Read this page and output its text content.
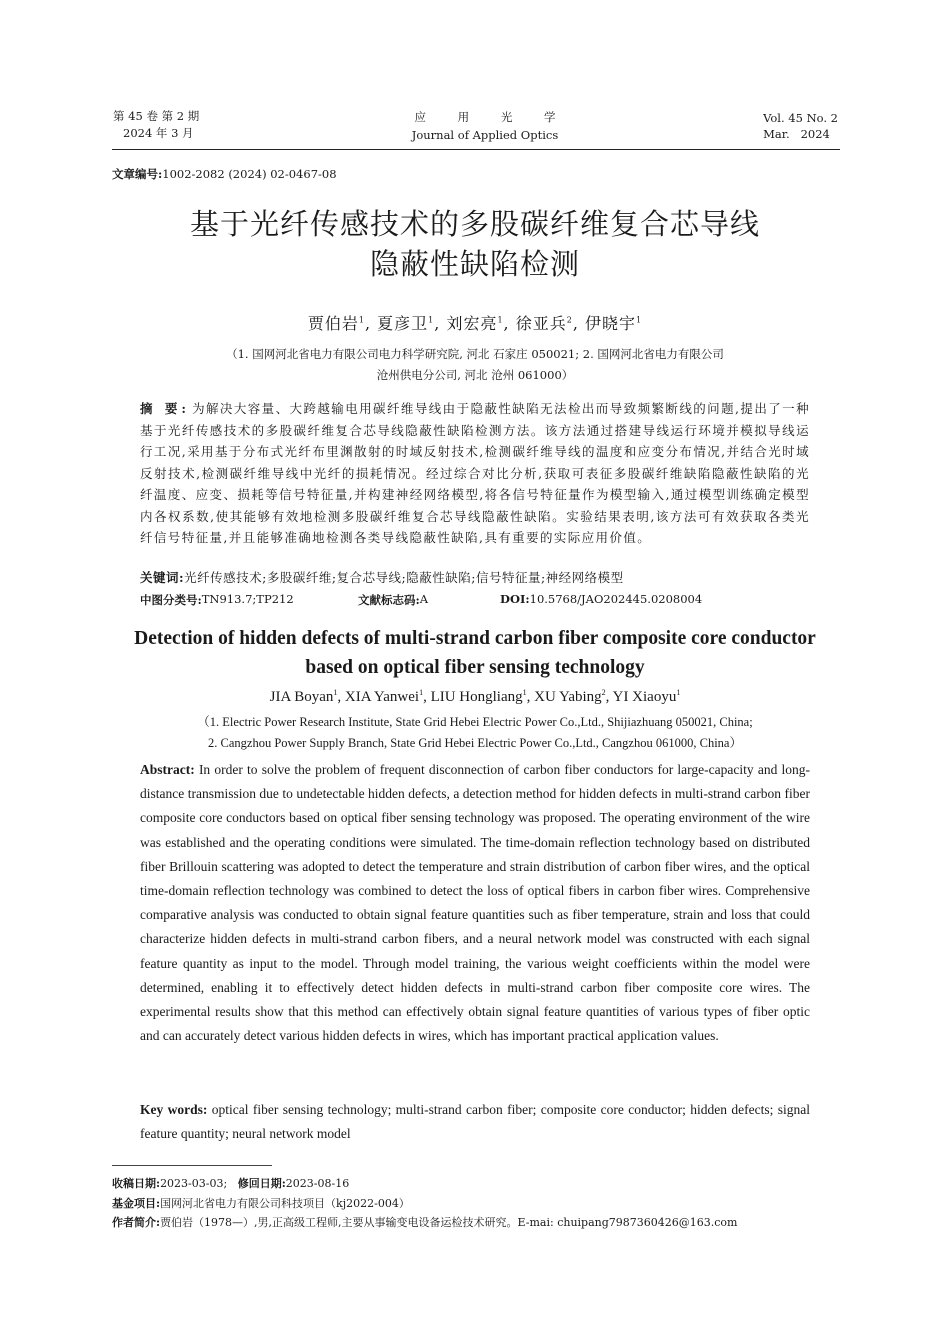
第 45 卷 第 2 期
2024 年 3 月
应 用 光 学
Journal of Applied Optics
Vol. 45 No. 2
Mar.   2024
文章编号:1002-2082 (2024) 02-0467-08
基于光纤传感技术的多股碳纤维复合芯导线
隐蔽性缺陷检测
贾伯岩$^1$, 夏彦卫$^1$, 刘宏亮$^1$, 徐亚兵$^2$, 伊晓宇$^1$
（1. 国网河北省电力有限公司电力科学研究院, 河北 石家庄 050021; 2. 国网河北省电力有限公司
沧州供电分公司, 河北 沧州 061000）
摘 要: 为解决大容量、大跨越输电用碳纤维导线由于隐蔽性缺陷无法检出而导致频繁断线的问题,提出了一种基于光纤传感技术的多股碳纤维复合芯导线隐蔽性缺陷检测方法。该方法通过搭建导线运行环境并模拟导线运行工况,采用基于分布式光纤布里渊散射的时域反射技术,检测碳纤维导线的温度和应变分布情况,并结合光时域反射技术,检测碳纤维导线中光纤的损耗情况。经过综合对比分析,获取可表征多股碳纤维缺陷隐蔽性缺陷的光纤温度、应变、损耗等信号特征量,并构建神经网络模型,将各信号特征量作为模型输入,通过模型训练确定模型内各权系数,使其能够有效地检测多股碳纤维复合芯导线隐蔽性缺陷。实验结果表明,该方法可有效获取各类光纤信号特征量,并且能够准确地检测各类导线隐蔽性缺陷,具有重要的实际应用价值。
关键词:光纤传感技术;多股碳纤维;复合芯导线;隐蔽性缺陷;信号特征量;神经网络模型
中图分类号: TN913.7;TP212	文献标志码: A	DOI: 10.5768/JAO202445.0208004
Detection of hidden defects of multi-strand carbon fiber composite core conductor
based on optical fiber sensing technology
JIA Boyan$^1$, XIA Yanwei$^1$, LIU Hongliang$^1$, XU Yabing$^2$, YI Xiaoyu$^1$
（1. Electric Power Research Institute, State Grid Hebei Electric Power Co.,Ltd., Shijiazhuang 050021, China;
2. Cangzhou Power Supply Branch, State Grid Hebei Electric Power Co.,Ltd., Cangzhou 061000, China）
Abstract: In order to solve the problem of frequent disconnection of carbon fiber conductors for large-capacity and long-distance transmission due to undetectable hidden defects, a detection method for hidden defects in multi-strand carbon fiber composite core conductors based on optical fiber sensing technology was proposed. The operating environment of the wire was established and the operating conditions were simulated. The time-domain reflection technology based on distributed fiber Brillouin scattering was adopted to detect the temperature and strain distribution of carbon fiber wires, and the optical time-domain reflection technology was combined to detect the loss of optical fibers in carbon fiber wires. Comprehensive comparative analysis was conducted to obtain signal feature quantities such as fiber temperature, strain and loss that could characterize hidden defects in multi-strand carbon fibers, and a neural network model was constructed with each signal feature quantity as input to the model. Through model training, the various weight coefficients within the model were determined, enabling it to effectively detect hidden defects in multi-strand carbon fiber composite core wires. The experimental results show that this method can effectively obtain signal feature quantities of various types of fiber optic and can accurately detect various hidden defects in wires, which has important practical application values.
Key words: optical fiber sensing technology; multi-strand carbon fiber; composite core conductor; hidden defects; signal feature quantity; neural network model
收稿日期:2023-03-03; 修回日期:2023-08-16
基金项目:国网河北省电力有限公司科技项目（kj2022-004）
作者简介:贾伯岩（1978—）,男,正高级工程师,主要从事输变电设备运检技术研究。E-mai: chuipang7987360426@163.com
